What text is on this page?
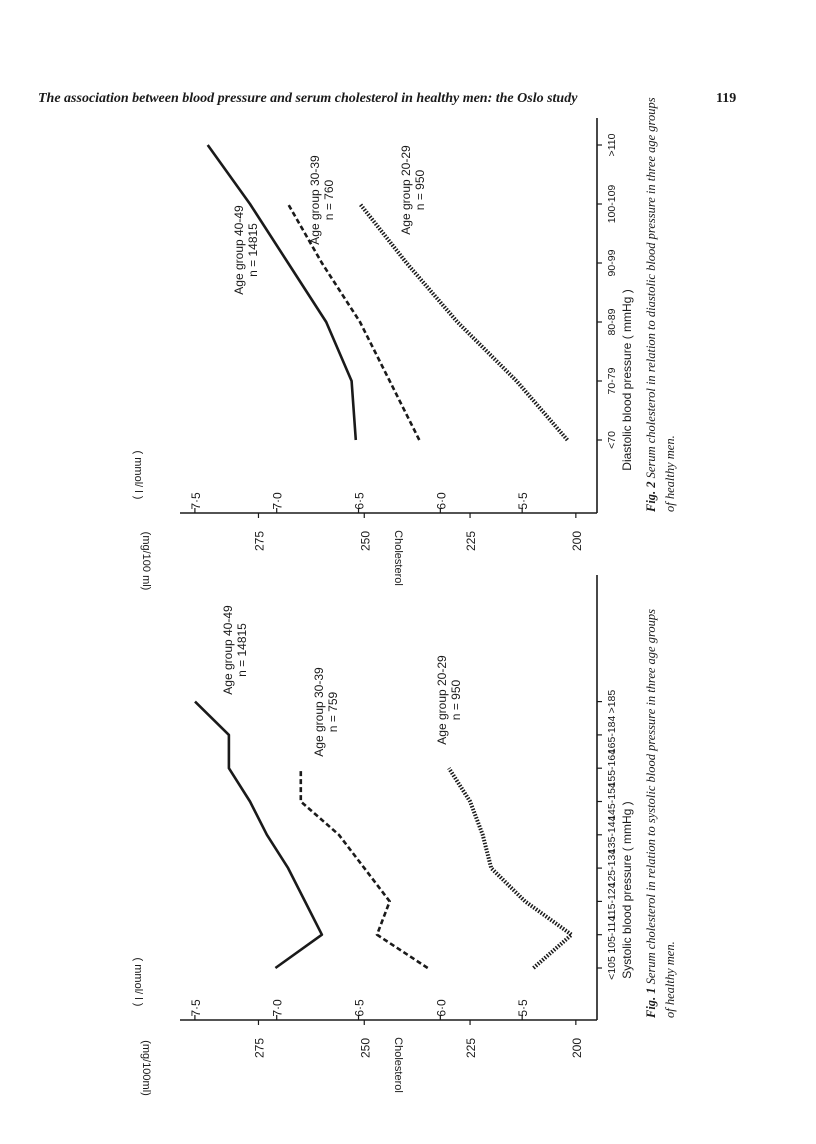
The association between blood pressure and serum cholesterol in healthy men: the Oslo study	119
200
225
250
275
5·5
6·0
6·5
7·0
7·5
(mg/100ml)
( mmol/ l )
Cholesterol
<105
105-114
115-124
125-134
135-144
145-154
155-164
165-184
>185
Systolic blood pressure ( mmHg )
Age group 40-49 n = 14815
Age group 30-39 n = 759	Age group 20-29 n = 950
Fig. 1 Serum cholesterol in relation to systolic blood pressure in three age groups of healthy men.
200
225
250
275
5·5
6·0
6·5
7·0
7·5
(mg/100 ml)
( mmol/ l )
Cholesterol
<70
70-79
80-89
90-99
100-109
>110
Diastolic blood pressure ( mmHg )
Age group 40-49 n = 14815
Age group 30-39 n = 760	Age group 20-29 n = 950
Fig. 2 Serum cholesterol in relation to diastolic blood pressure in three age groups of healthy men.
